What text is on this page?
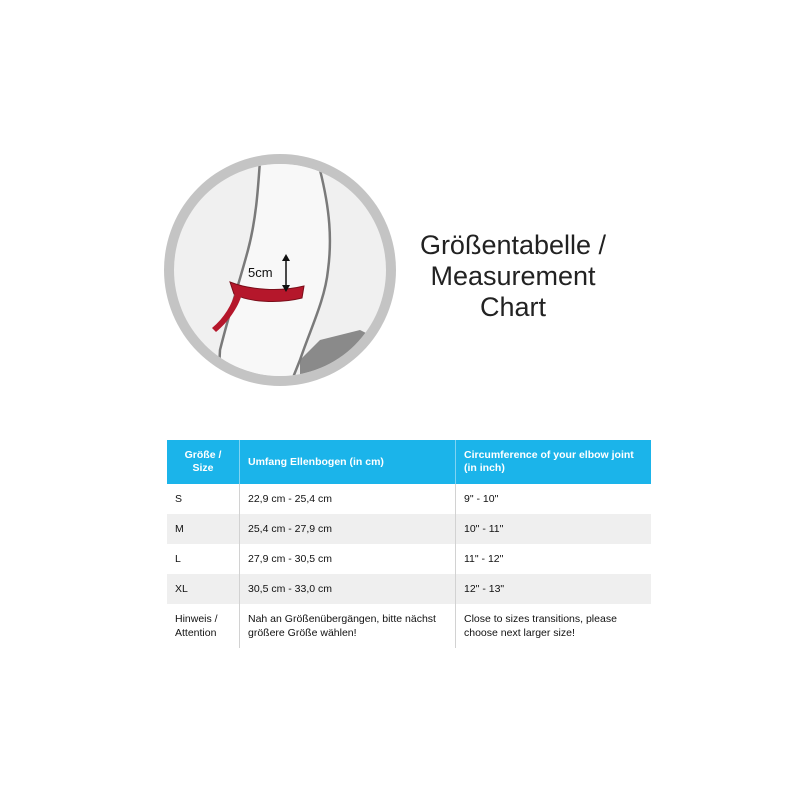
5cm
Größentabelle /
Measurement
Chart
Größe / Size	Umfang Ellenbogen (in cm)	Circumference of your elbow joint (in inch)
S	22,9 cm - 25,4 cm	9" - 10"
M	25,4 cm - 27,9 cm	10" - 11"
L	27,9 cm - 30,5 cm	11" - 12"
XL	30,5 cm - 33,0 cm	12" - 13"
Hinweis / Attention	Nah an Größenübergängen, bitte nächst größere Größe wählen!	Close to sizes transitions, please choose next larger size!
